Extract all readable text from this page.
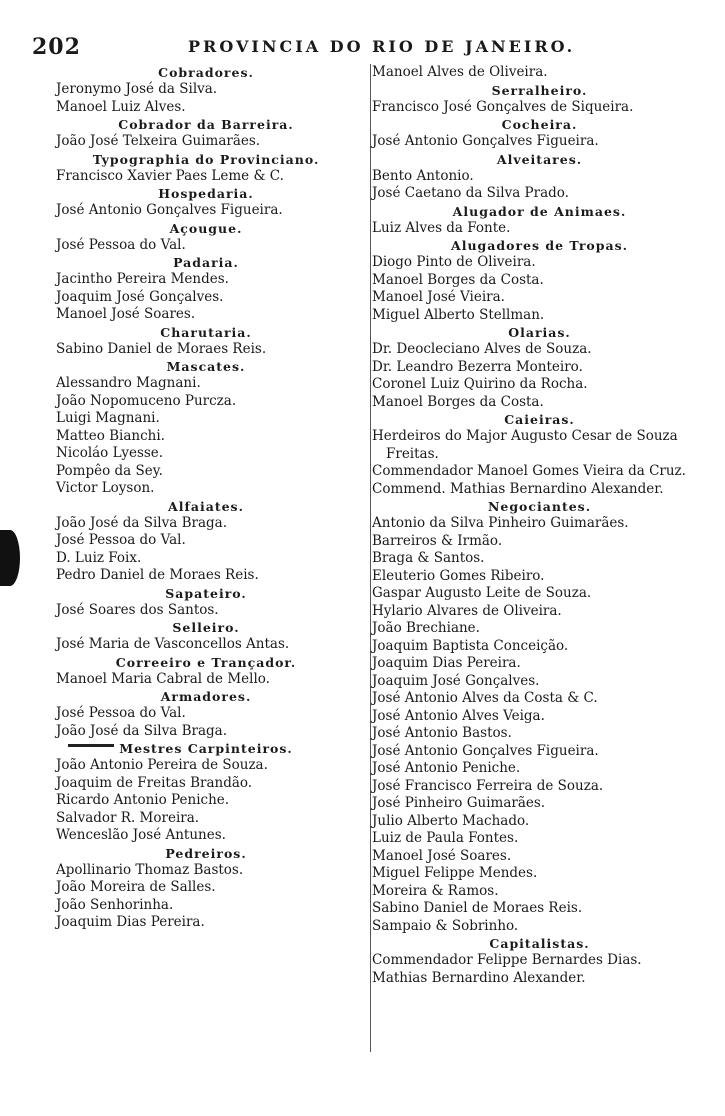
202	PROVINCIA DO RIO DE JANEIRO.
Cobradores.
Jeronymo José da Silva.
Manoel Luiz Alves.
Cobrador da Barreira.
João José Telxeira Guimarães.
Typographia do Provinciano.
Francisco Xavier Paes Leme & C.
Hospedaria.
José Antonio Gonçalves Figueira.
Açougue.
José Pessoa do Val.
Padaria.
Jacintho Pereira Mendes.
Joaquim José Gonçalves.
Manoel José Soares.
Charutaria.
Sabino Daniel de Moraes Reis.
Mascates.
Alessandro Magnani.
João Nopomuceno Purcza.
Luigi Magnani.
Matteo Bianchi.
Nicoláo Lyesse.
Pompêo da Sey.
Victor Loyson.
Alfaiates.
João José da Silva Braga.
José Pessoa do Val.
D. Luiz Foix.
Pedro Daniel de Moraes Reis.
Sapateiro.
José Soares dos Santos.
Selleiro.
José Maria de Vasconcellos Antas.
Correeiro e Trançador.
Manoel Maria Cabral de Mello.
Armadores.
José Pessoa do Val.
João José da Silva Braga.
Mestres Carpinteiros.
João Antonio Pereira de Souza.
Joaquim de Freitas Brandão.
Ricardo Antonio Peniche.
Salvador R. Moreira.
Wenceslão José Antunes.
Pedreiros.
Apollinario Thomaz Bastos.
João Moreira de Salles.
João Senhorinha.
Joaquim Dias Pereira.
Manoel Alves de Oliveira.
Serralheiro.
Francisco José Gonçalves de Siqueira.
Cocheira.
José Antonio Gonçalves Figueira.
Alveitares.
Bento Antonio.
José Caetano da Silva Prado.
Alugador de Animaes.
Luiz Alves da Fonte.
Alugadores de Tropas.
Diogo Pinto de Oliveira.
Manoel Borges da Costa.
Manoel José Vieira.
Miguel Alberto Stellman.
Olarias.
Dr. Deocleciano Alves de Souza.
Dr. Leandro Bezerra Monteiro.
Coronel Luiz Quirino da Rocha.
Manoel Borges da Costa.
Caieiras.
Herdeiros do Major Augusto Cesar de Souza
Freitas.
Commendador Manoel Gomes Vieira da Cruz.
Commend. Mathias Bernardino Alexander.
Negociantes.
Antonio da Silva Pinheiro Guimarães.
Barreiros & Irmão.
Braga & Santos.
Eleuterio Gomes Ribeiro.
Gaspar Augusto Leite de Souza.
Hylario Alvares de Oliveira.
João Brechiane.
Joaquim Baptista Conceição.
Joaquim Dias Pereira.
Joaquim José Gonçalves.
José Antonio Alves da Costa & C.
José Antonio Alves Veiga.
José Antonio Bastos.
José Antonio Gonçalves Figueira.
José Antonio Peniche.
José Francisco Ferreira de Souza.
José Pinheiro Guimarães.
Julio Alberto Machado.
Luiz de Paula Fontes.
Manoel José Soares.
Miguel Felippe Mendes.
Moreira & Ramos.
Sabino Daniel de Moraes Reis.
Sampaio & Sobrinho.
Capitalistas.
Commendador Felippe Bernardes Dias.
Mathias Bernardino Alexander.
